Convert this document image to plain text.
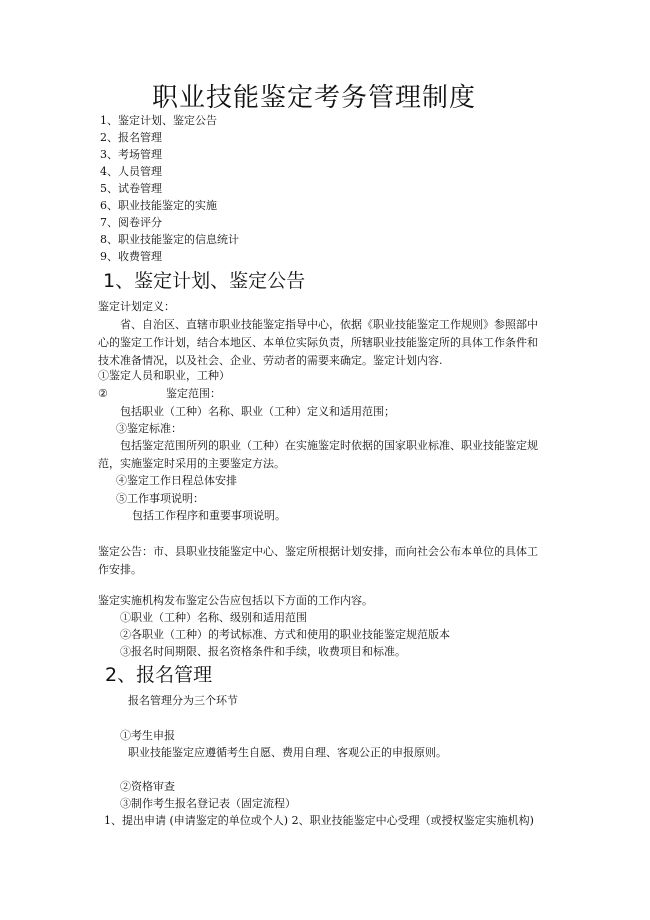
职业技能鉴定考务管理制度
1、鉴定计划、鉴定公告
2、报名管理
3、考场管理
4、人员管理
5、试卷管理
6、职业技能鉴定的实施
7、阅卷评分
8、职业技能鉴定的信息统计
9、收费管理
1、鉴定计划、鉴定公告
鉴定计划定义：
省、自治区、直辖市职业技能鉴定指导中心，依据《职业技能鉴定工作规则》参照部中心的鉴定工作计划，结合本地区、本单位实际负责，所辖职业技能鉴定所的具体工作条件和技术准备情况，以及社会、企业、劳动者的需要来确定。鉴定计划内容.
①鉴定人员和职业，工种）
②	鉴定范围：
包括职业（工种）名称、职业（工种）定义和适用范围；
③鉴定标准：
包括鉴定范围所列的职业（工种）在实施鉴定时依据的国家职业标准、职业技能鉴定规范，实施鉴定时采用的主要鉴定方法。
④鉴定工作日程总体安排
⑤工作事项说明：
包括工作程序和重要事项说明。
鉴定公告：市、县职业技能鉴定中心、鉴定所根据计划安排，而向社会公布本单位的具体工作安排。
鉴定实施机构发布鉴定公告应包括以下方面的工作内容。
①职业（工种）名称、级别和适用范围
②各职业（工种）的考试标准、方式和使用的职业技能鉴定规范版本
③报名时间期限、报名资格条件和手续，收费项目和标准。
2、报名管理
报名管理分为三个环节
①考生申报
职业技能鉴定应遵循考生自愿、费用自理、客观公正的申报原则。
②资格审查
③制作考生报名登记表（固定流程）
1、提出申请 (申请鉴定的单位或个人) 2、职业技能鉴定中心受理（或授权鉴定实施机构)
